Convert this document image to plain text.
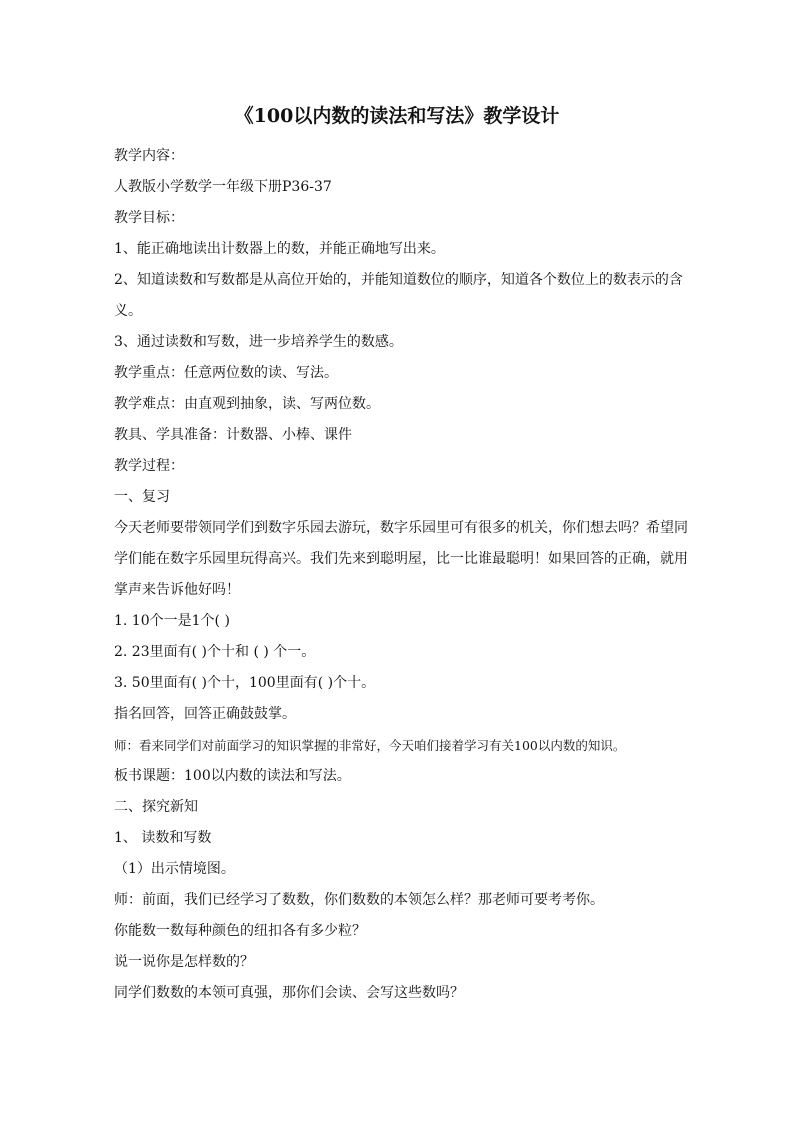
《100以内数的读法和写法》教学设计
教学内容：
人教版小学数学一年级下册P36-37
教学目标：
1、能正确地读出计数器上的数，并能正确地写出来。
2、知道读数和写数都是从高位开始的，并能知道数位的顺序，知道各个数位上的数表示的含义。
3、通过读数和写数，进一步培养学生的数感。
教学重点：任意两位数的读、写法。
教学难点：由直观到抽象，读、写两位数。
教具、学具准备：计数器、小棒、课件
教学过程：
一、复习
今天老师要带领同学们到数字乐园去游玩，数字乐园里可有很多的机关，你们想去吗？希望同学们能在数字乐园里玩得高兴。我们先来到聪明屋，比一比谁最聪明！如果回答的正确，就用掌声来告诉他好吗！
1. 10个一是1个( )
2. 23里面有( )个十和 ( ) 个一。
3. 50里面有( )个十，100里面有( )个十。
指名回答，回答正确鼓鼓掌。
师：看来同学们对前面学习的知识掌握的非常好，今天咱们接着学习有关100以内数的知识。
板书课题：100以内数的读法和写法。
二、探究新知
1、 读数和写数
（1）出示情境图。
师：前面，我们已经学习了数数，你们数数的本领怎么样？那老师可要考考你。
你能数一数每种颜色的纽扣各有多少粒？
说一说你是怎样数的？
同学们数数的本领可真强，那你们会读、会写这些数吗？
